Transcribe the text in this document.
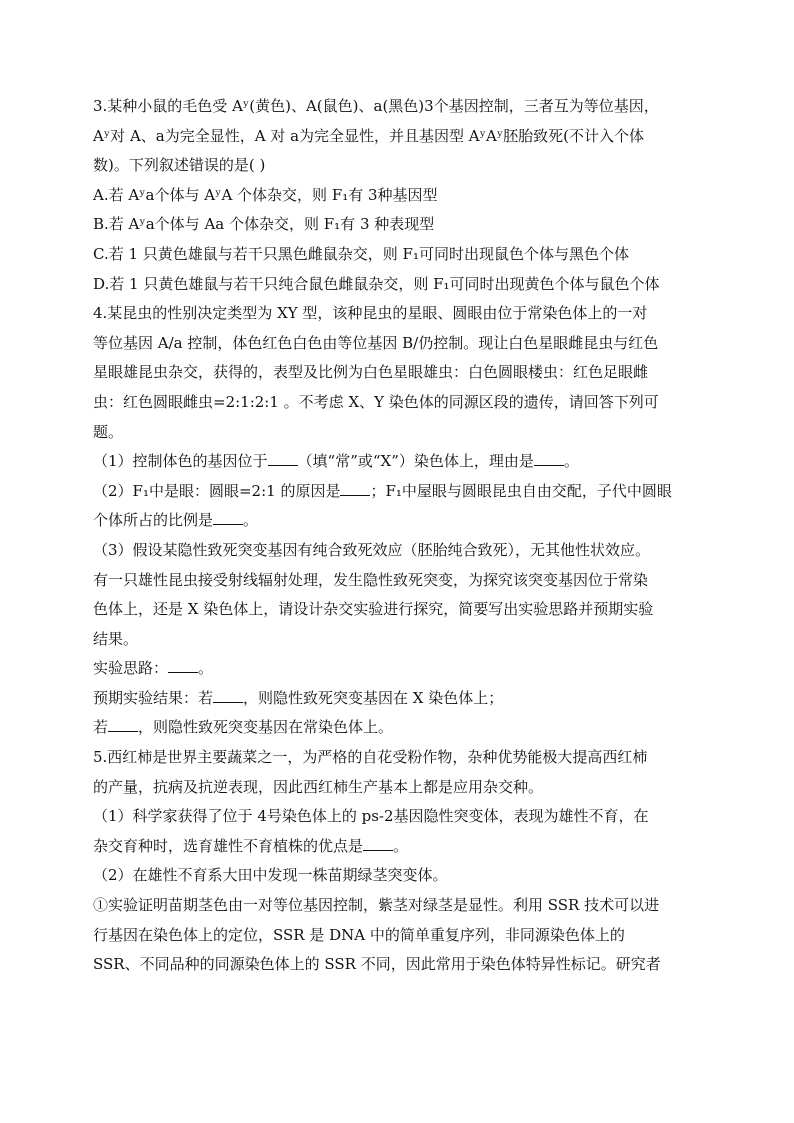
3.某种小鼠的毛色受 Aʸ(黄色)、A(鼠色)、a(黑色)3个基因控制，三者互为等位基因，
Aʸ对 A、a为完全显性，A 对 a为完全显性，并且基因型 AʸAʸ胚胎致死(不计入个体
数)。下列叙述错误的是( )
A.若 Aʸa个体与 AʸA 个体杂交，则 F₁有 3种基因型
B.若 Aʸa个体与 Aa 个体杂交，则 F₁有 3 种表现型
C.若 1 只黄色雄鼠与若干只黑色雌鼠杂交，则 F₁可同时出现鼠色个体与黑色个体
D.若 1 只黄色雄鼠与若干只纯合鼠色雌鼠杂交，则 F₁可同时出现黄色个体与鼠色个体
4.某昆虫的性别决定类型为 XY 型，该种昆虫的星眼、圆眼由位于常染色体上的一对
等位基因 A/a 控制，体色红色白色由等位基因 B/仍控制。现让白色星眼雌昆虫与红色
星眼雄昆虫杂交，获得的，表型及比例为白色星眼雄虫：白色圆眼楼虫：红色足眼雌
虫：红色圆眼雌虫=2:1:2:1 。不考虑 X、Y 染色体的同源区段的遗传，请回答下列可
题。
（1）控制体色的基因位于 （填“常”或“X”）染色体上，理由是 。
（2）F₁中是眼：圆眼=2:1 的原因是 ；F₁中屋眼与圆眼昆虫自由交配，子代中圆眼
个体所占的比例是 。
（3）假设某隐性致死突变基因有纯合致死效应（胚胎纯合致死），无其他性状效应。
有一只雄性昆虫接受射线辐射处理，发生隐性致死突变，为探究该突变基因位于常染
色体上，还是 X 染色体上，请设计杂交实验进行探究，简要写出实验思路并预期实验
结果。
实验思路： 。
预期实验结果：若 ，则隐性致死突变基因在 X 染色体上；
若 ，则隐性致死突变基因在常染色体上。
5.西红柿是世界主要蔬菜之一，为严格的自花受粉作物，杂种优势能极大提高西红柿
的产量，抗病及抗逆表现，因此西红柿生产基本上都是应用杂交种。
（1）科学家获得了位于 4号染色体上的 ps-2基因隐性突变体，表现为雄性不育，在
杂交育种时，选育雄性不育植株的优点是 。
（2）在雄性不育系大田中发现一株苗期绿茎突变体。
①实验证明苗期茎色由一对等位基因控制，紫茎对绿茎是显性。利用 SSR 技术可以进
行基因在染色体上的定位，SSR 是 DNA 中的简单重复序列，非同源染色体上的
SSR、不同品种的同源染色体上的 SSR 不同，因此常用于染色体特异性标记。研究者
